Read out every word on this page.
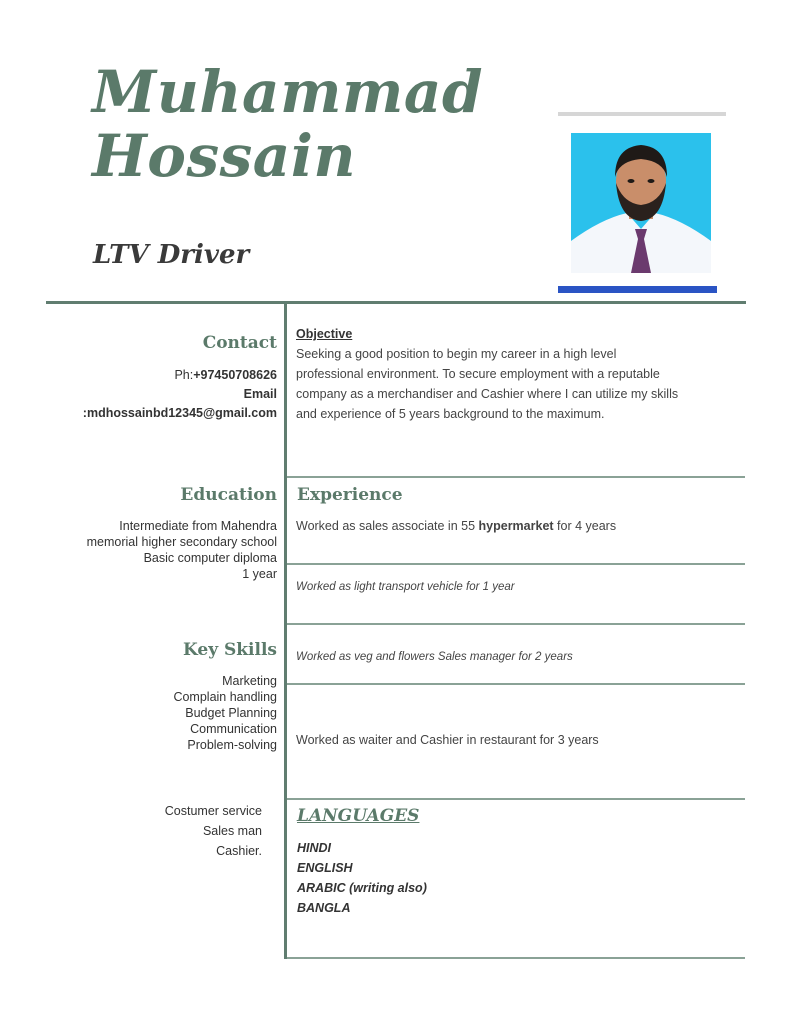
Muhammad
Hossain
LTV Driver
Contact
Ph:+97450708626
Email
:mdhossainbd12345@gmail.com
Education
Intermediate from Mahendra
memorial higher secondary school
Basic computer diploma
1 year
Key Skills
Marketing
Complain handling
Budget Planning
Communication
Problem-solving
Costumer service
Sales man
Cashier.
Objective
Seeking a good position to begin my career in a high level
professional environment. To secure employment with a reputable
company as a merchandiser and Cashier where I can utilize my skills
and experience of 5 years background to the maximum.
Experience
Worked as sales associate in 55 hypermarket for 4 years
Worked as light transport vehicle for 1 year
Worked as veg and flowers Sales manager for 2 years
Worked as waiter and Cashier in restaurant for 3 years
LANGUAGES
HINDI
ENGLISH
ARABIC (writing also)
BANGLA
